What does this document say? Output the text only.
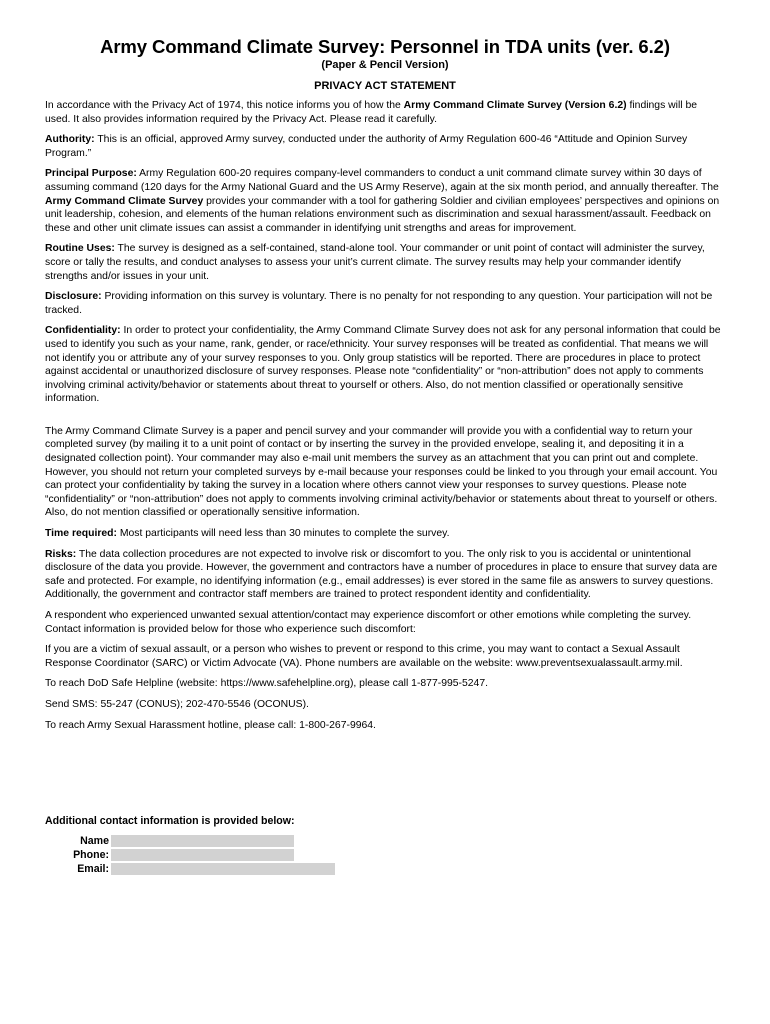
Army Command Climate Survey: Personnel in TDA units (ver. 6.2)
(Paper & Pencil Version)
PRIVACY ACT STATEMENT

In accordance with the Privacy Act of 1974, this notice informs you of how the Army Command Climate Survey (Version 6.2) findings will be used. It also provides information required by the Privacy Act. Please read it carefully.

Authority: This is an official, approved Army survey, conducted under the authority of Army Regulation 600-46 “Attitude and Opinion Survey Program.”

Principal Purpose: Army Regulation 600-20 requires company-level commanders to conduct a unit command climate survey within 30 days of assuming command (120 days for the Army National Guard and the US Army Reserve), again at the six month period, and annually thereafter. The Army Command Climate Survey provides your commander with a tool for gathering Soldier and civilian employees’ perspectives and opinions on unit leadership, cohesion, and elements of the human relations environment such as discrimination and sexual harassment/assault. Feedback on these and other unit climate issues can assist a commander in identifying unit strengths and areas for improvement.

Routine Uses: The survey is designed as a self-contained, stand-alone tool. Your commander or unit point of contact will administer the survey, score or tally the results, and conduct analyses to assess your unit’s current climate. The survey results may help your commander identify strengths and/or issues in your unit.

Disclosure: Providing information on this survey is voluntary. There is no penalty for not responding to any question. Your participation will not be tracked.

Confidentiality: In order to protect your confidentiality, the Army Command Climate Survey does not ask for any personal information that could be used to identify you such as your name, rank, gender, or race/ethnicity. Your survey responses will be treated as confidential. That means we will not identify you or attribute any of your survey responses to you. Only group statistics will be reported. There are procedures in place to protect against accidental or unauthorized disclosure of survey responses. Please note “confidentiality” or “non-attribution” does not apply to comments involving criminal activity/behavior or statements about threat to yourself or others. Also, do not mention classified or operationally sensitive information.

The Army Command Climate Survey is a paper and pencil survey and your commander will provide you with a confidential way to return your completed survey (by mailing it to a unit point of contact or by inserting the survey in the provided envelope, sealing it, and depositing it in a designated collection point). Your commander may also e-mail unit members the survey as an attachment that you can print out and complete. However, you should not return your completed surveys by e-mail because your responses could be linked to you through your email account. You can protect your confidentiality by taking the survey in a location where others cannot view your responses to survey questions. Please note “confidentiality” or “non-attribution” does not apply to comments involving criminal activity/behavior or statements about threat to yourself or others. Also, do not mention classified or operationally sensitive information.

Time required: Most participants will need less than 30 minutes to complete the survey.

Risks: The data collection procedures are not expected to involve risk or discomfort to you. The only risk to you is accidental or unintentional disclosure of the data you provide. However, the government and contractors have a number of procedures in place to ensure that survey data are safe and protected. For example, no identifying information (e.g., email addresses) is ever stored in the same file as answers to survey questions. Additionally, the government and contractor staff members are trained to protect respondent identity and confidentiality.

A respondent who experienced unwanted sexual attention/contact may experience discomfort or other emotions while completing the survey. Contact information is provided below for those who experience such discomfort:

If you are a victim of sexual assault, or a person who wishes to prevent or respond to this crime, you may want to contact a Sexual Assault Response Coordinator (SARC) or Victim Advocate (VA). Phone numbers are available on the website: www.preventsexualassault.army.mil.

To reach DoD Safe Helpline (website: https://www.safehelpline.org), please call 1-877-995-5247.

Send SMS: 55-247 (CONUS); 202-470-5546 (OCONUS).

To reach Army Sexual Harassment hotline, please call: 1-800-267-9964.

Additional contact information is provided below:
Name
Phone:
Email:
